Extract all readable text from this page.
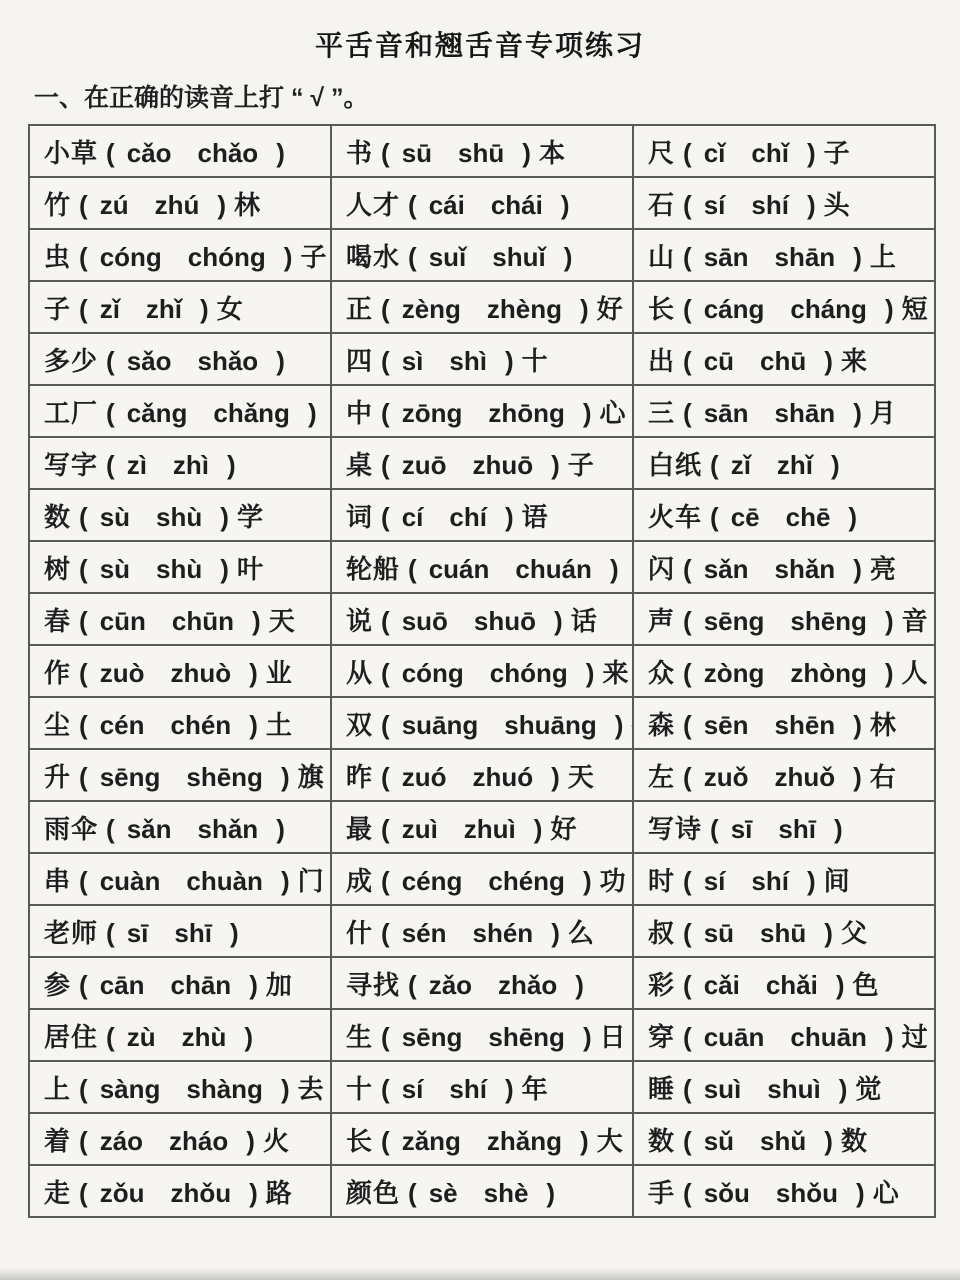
平舌音和翘舌音专项练习
一、在正确的读音上打 “ √ ”。
小草 ( cǎo chǎo )	书 ( sū shū ) 本	尺 ( cǐ chǐ ) 子
竹 ( zú zhú ) 林	人才 ( cái chái )	石 ( sí shí ) 头
虫 ( cóng chóng ) 子	喝水 ( suǐ shuǐ )	山 ( sān shān ) 上
子 ( zǐ zhǐ ) 女	正 ( zèng zhèng ) 好	长 ( cáng cháng ) 短
多少 ( sǎo shǎo )	四 ( sì shì ) 十	出 ( cū chū ) 来
工厂 ( cǎng chǎng )	中 ( zōng zhōng ) 心	三 ( sān shān ) 月
写字 ( zì zhì )	桌 ( zuō zhuō ) 子	白纸 ( zǐ zhǐ )
数 ( sù shù ) 学	词 ( cí chí ) 语	火车 ( cē chē )
树 ( sù shù ) 叶	轮船 ( cuán chuán )	闪 ( sǎn shǎn ) 亮
春 ( cūn chūn ) 天	说 ( suō shuō ) 话	声 ( sēng shēng ) 音
作 ( zuò zhuò ) 业	从 ( cóng chóng ) 来	众 ( zòng zhòng ) 人
尘 ( cén chén ) 土	双 ( suāng shuāng )	森 ( sēn shēn ) 林
升 ( sēng shēng ) 旗	昨 ( zuó zhuó ) 天	左 ( zuǒ zhuǒ ) 右
雨伞 ( sǎn shǎn )	最 ( zuì zhuì ) 好	写诗 ( sī shī )
串 ( cuàn chuàn ) 门	成 ( céng chéng ) 功	时 ( sí shí ) 间
老师 ( sī shī )	什 ( sén shén ) 么	叔 ( sū shū ) 父
参 ( cān chān ) 加	寻找 ( zǎo zhǎo )	彩 ( cǎi chǎi ) 色
居住 ( zù zhù )	生 ( sēng shēng ) 日	穿 ( cuān chuān ) 过
上 ( sàng shàng ) 去	十 ( sí shí ) 年	睡 ( suì shuì ) 觉
着 ( záo zháo ) 火	长 ( zǎng zhǎng ) 大	数 ( sǔ shǔ ) 数
走 ( zǒu zhǒu ) 路	颜色 ( sè shè )	手 ( sǒu shǒu ) 心
